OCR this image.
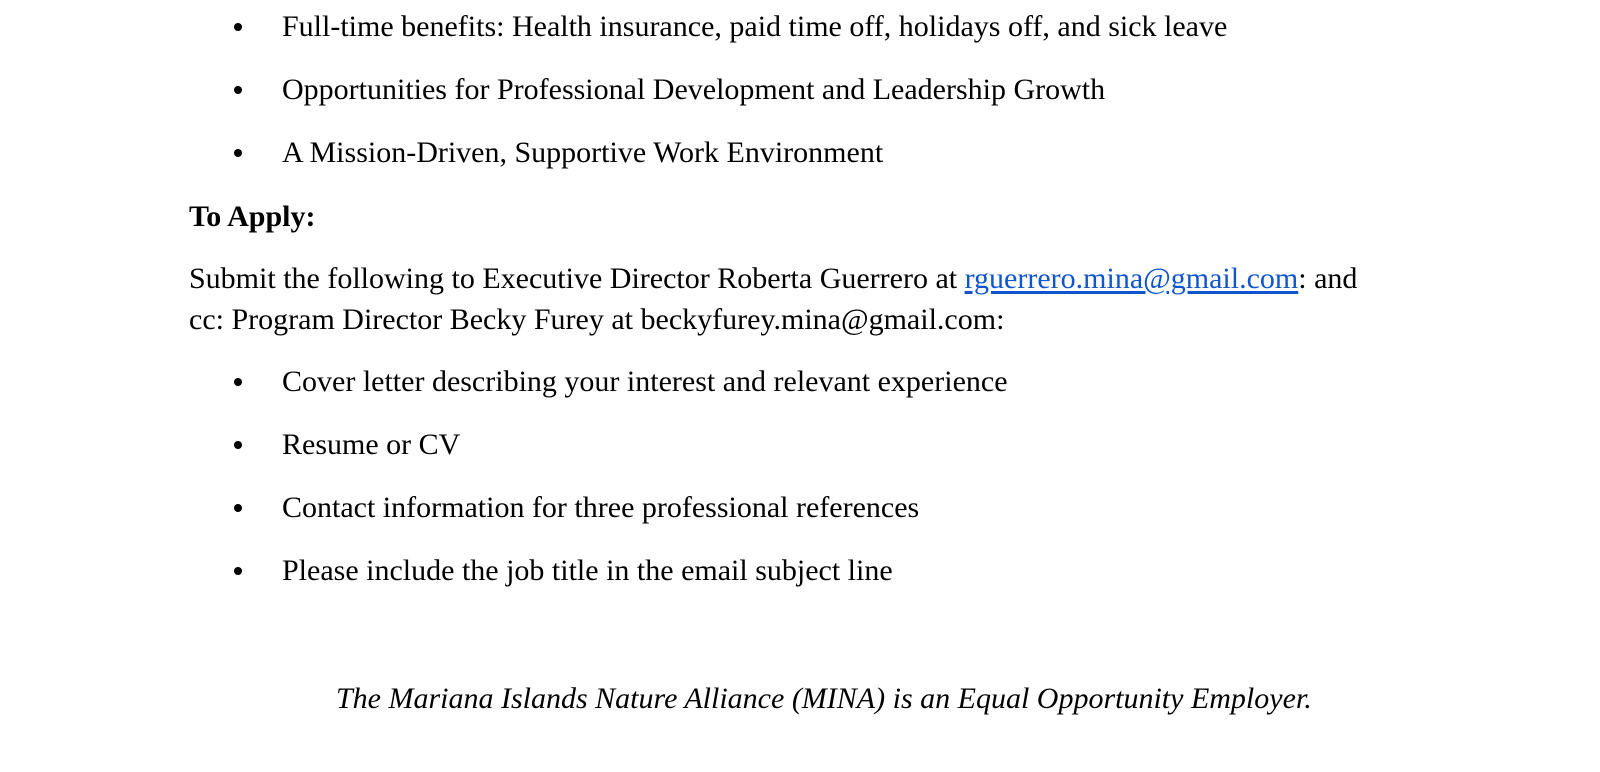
Full-time benefits: Health insurance, paid time off, holidays off, and sick leave
Opportunities for Professional Development and Leadership Growth
A Mission-Driven, Supportive Work Environment
To Apply:
Submit the following to Executive Director Roberta Guerrero at rguerrero.mina@gmail.com: and
cc: Program Director Becky Furey at beckyfurey.mina@gmail.com:
Cover letter describing your interest and relevant experience
Resume or CV
Contact information for three professional references
Please include the job title in the email subject line
The Mariana Islands Nature Alliance (MINA) is an Equal Opportunity Employer.
